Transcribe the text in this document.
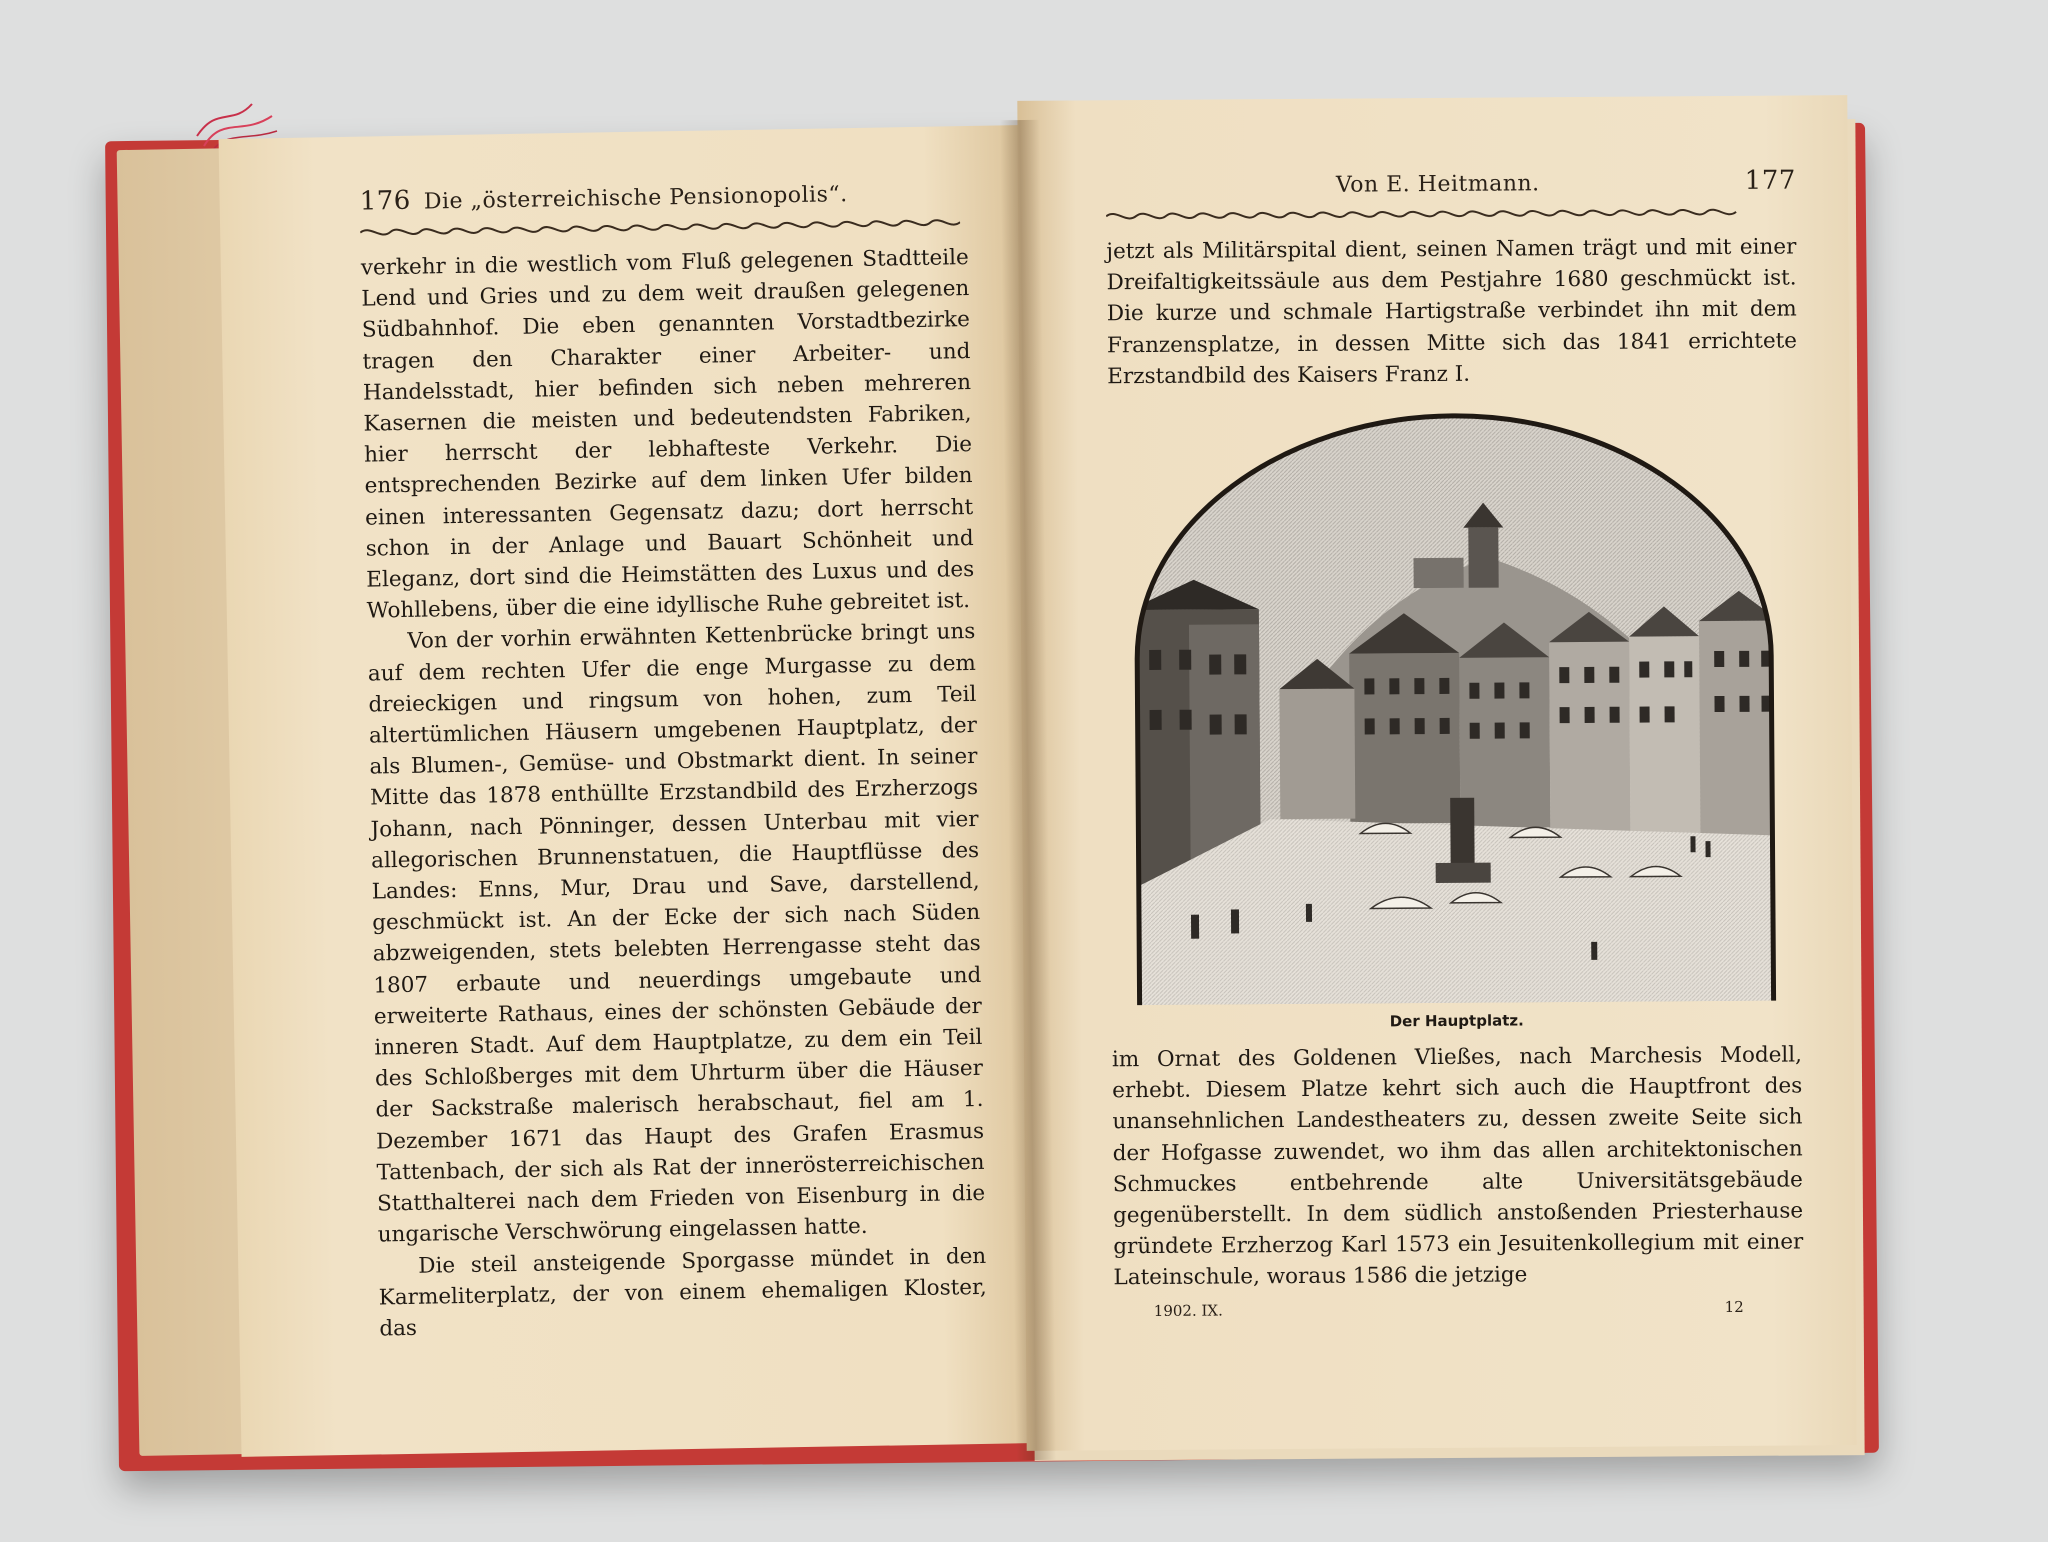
176 Die „österreichische Pensionopolis“.

verkehr in die westlich vom Fluß gelegenen Stadtteile Lend und Gries und zu dem weit draußen gelegenen Südbahnhof. Die eben genannten Vorstadtbezirke tragen den Charakter einer Arbeiter- und Handelsstadt, hier befinden sich neben mehreren Kasernen die meisten und bedeutendsten Fabriken, hier herrscht der lebhafteste Verkehr. Die entsprechenden Bezirke auf dem linken Ufer bilden einen interessanten Gegensatz dazu; dort herrscht schon in der Anlage und Bauart Schönheit und Eleganz, dort sind die Heimstätten des Luxus und des Wohllebens, über die eine idyllische Ruhe gebreitet ist.

Von der vorhin erwähnten Kettenbrücke bringt uns auf dem rechten Ufer die enge Murgasse zu dem dreieckigen und ringsum von hohen, zum Teil altertümlichen Häusern umgebenen Hauptplatz, der als Blumen-, Gemüse- und Obstmarkt dient. In seiner Mitte das 1878 enthüllte Erzstandbild des Erzherzogs Johann, nach Pönninger, dessen Unterbau mit vier allegorischen Brunnenstatuen, die Hauptflüsse des Landes: Enns, Mur, Drau und Save, darstellend, geschmückt ist. An der Ecke der sich nach Süden abzweigenden, stets belebten Herrengasse steht das 1807 erbaute und neuerdings umgebaute und erweiterte Rathaus, eines der schönsten Gebäude der inneren Stadt. Auf dem Hauptplatze, zu dem ein Teil des Schloßberges mit dem Uhrturm über die Häuser der Sackstraße malerisch herabschaut, fiel am 1. Dezember 1671 das Haupt des Grafen Erasmus Tattenbach, der sich als Rat der innerösterreichischen Statthalterei nach dem Frieden von Eisenburg in die ungarische Verschwörung eingelassen hatte.

Die steil ansteigende Sporgasse mündet in den Karmeliterplatz, der von einem ehemaligen Kloster, das

Von E. Heitmann.	177

jetzt als Militärspital dient, seinen Namen trägt und mit einer Dreifaltigkeitssäule aus dem Pestjahre 1680 geschmückt ist. Die kurze und schmale Hartigstraße verbindet ihn mit dem Franzensplatze, in dessen Mitte sich das 1841 errichtete Erzstandbild des Kaisers Franz I.

Der Hauptplatz.

im Ornat des Goldenen Vließes, nach Marchesis Modell, erhebt. Diesem Platze kehrt sich auch die Hauptfront des unansehnlichen Landestheaters zu, dessen zweite Seite sich der Hofgasse zuwendet, wo ihm das allen architektonischen Schmuckes entbehrende alte Universitätsgebäude gegenüberstellt. In dem südlich anstoßenden Priesterhause gründete Erzherzog Karl 1573 ein Jesuitenkollegium mit einer Lateinschule, woraus 1586 die jetzige

1902. IX.	12
